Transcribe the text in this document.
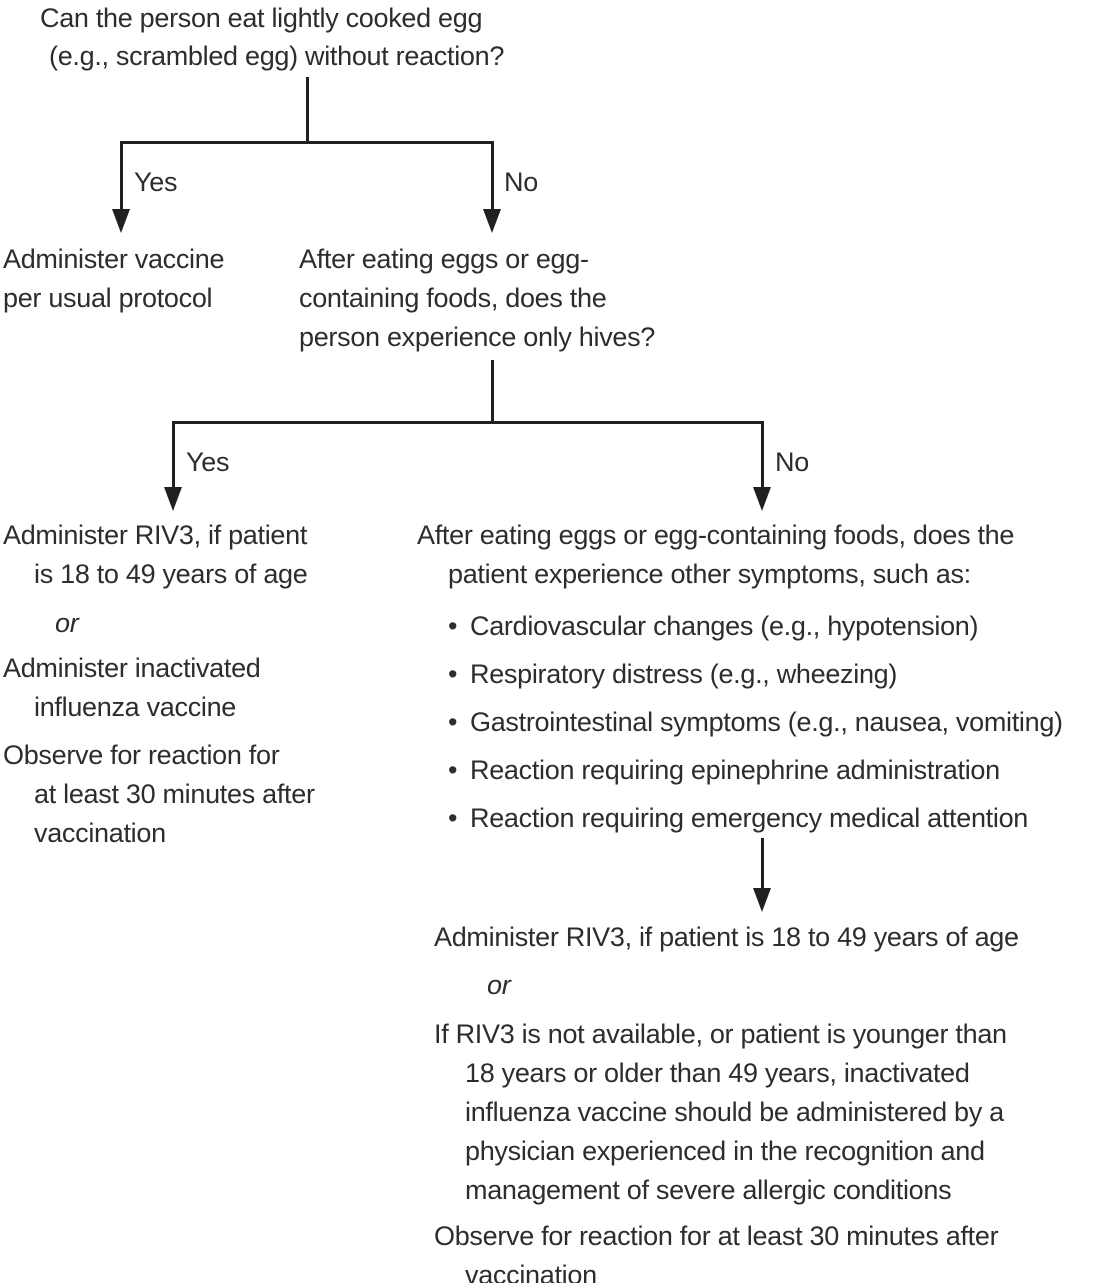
Can the person eat lightly cooked egg
(e.g., scrambled egg) without reaction?
Yes	No
Administer vaccine
per usual protocol
After eating eggs or egg-
containing foods, does the
person experience only hives?
Yes	No
Administer RIV3, if patient
is 18 to 49 years of age
or
Administer inactivated
influenza vaccine
Observe for reaction for
at least 30 minutes after
vaccination
After eating eggs or egg-containing foods, does the
patient experience other symptoms, such as:
• Cardiovascular changes (e.g., hypotension)
• Respiratory distress (e.g., wheezing)
• Gastrointestinal symptoms (e.g., nausea, vomiting)
• Reaction requiring epinephrine administration
• Reaction requiring emergency medical attention
Administer RIV3, if patient is 18 to 49 years of age
or
If RIV3 is not available, or patient is younger than
18 years or older than 49 years, inactivated
influenza vaccine should be administered by a
physician experienced in the recognition and
management of severe allergic conditions
Observe for reaction for at least 30 minutes after
vaccination
